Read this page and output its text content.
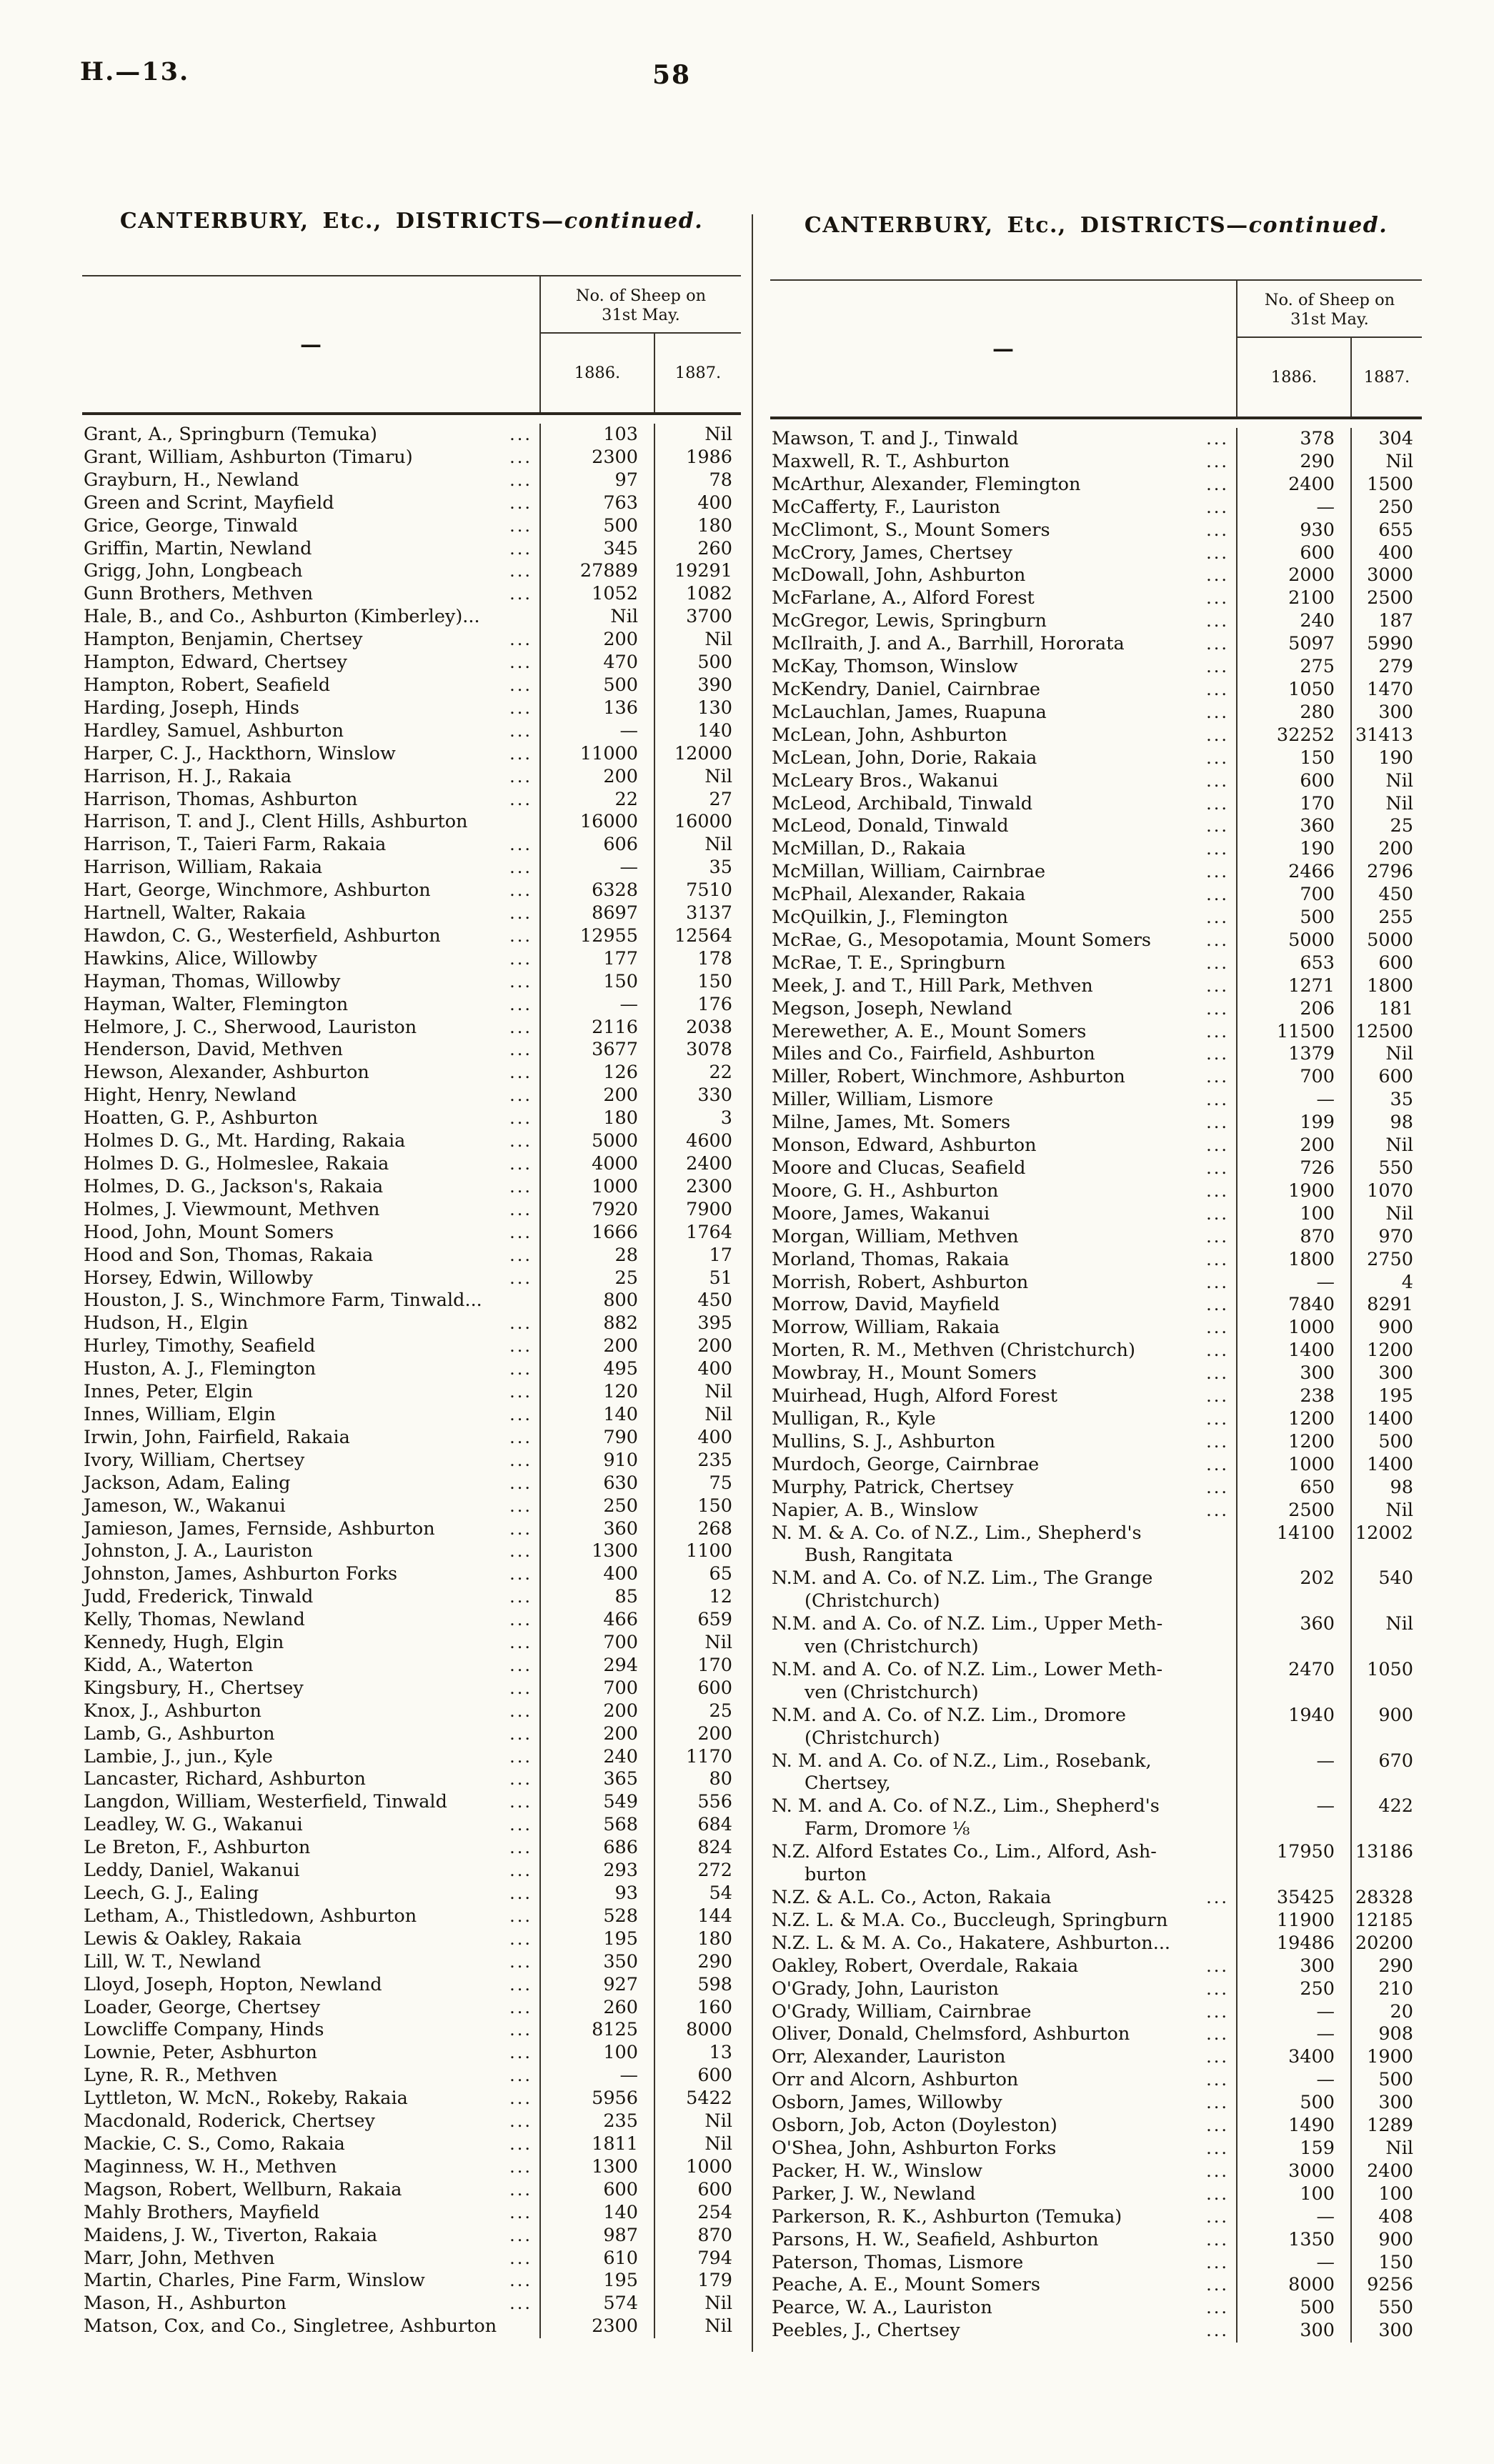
H.—13.	58
CANTERBURY, Etc., DISTRICTS—continued.
—
No. of Sheep on
31st May.
1886.	1887.
Grant, A., Springburn (Temuka)	...	103	Nil
Grant, William, Ashburton (Timaru)	...	2300	1986
Grayburn, H., Newland	...	97	78
Green and Scrint, Mayfield	...	763	400
Grice, George, Tinwald	...	500	180
Griffin, Martin, Newland	...	345	260
Grigg, John, Longbeach	...	27889	19291
Gunn Brothers, Methven	...	1052	1082
Hale, B., and Co., Ashburton (Kimberley)...	Nil	3700
Hampton, Benjamin, Chertsey	...	200	Nil
Hampton, Edward, Chertsey	...	470	500
Hampton, Robert, Seafield	...	500	390
Harding, Joseph, Hinds	...	136	130
Hardley, Samuel, Ashburton	...	—	140
Harper, C. J., Hackthorn, Winslow	...	11000	12000
Harrison, H. J., Rakaia	...	200	Nil
Harrison, Thomas, Ashburton	...	22	27
Harrison, T. and J., Clent Hills, Ashburton	16000	16000
Harrison, T., Taieri Farm, Rakaia	...	606	Nil
Harrison, William, Rakaia	...	—	35
Hart, George, Winchmore, Ashburton	...	6328	7510
Hartnell, Walter, Rakaia	...	8697	3137
Hawdon, C. G., Westerfield, Ashburton	...	12955	12564
Hawkins, Alice, Willowby	...	177	178
Hayman, Thomas, Willowby	...	150	150
Hayman, Walter, Flemington	...	—	176
Helmore, J. C., Sherwood, Lauriston	...	2116	2038
Henderson, David, Methven	...	3677	3078
Hewson, Alexander, Ashburton	...	126	22
Hight, Henry, Newland	...	200	330
Hoatten, G. P., Ashburton	...	180	3
Holmes D. G., Mt. Harding, Rakaia	...	5000	4600
Holmes D. G., Holmeslee, Rakaia	...	4000	2400
Holmes, D. G., Jackson's, Rakaia	...	1000	2300
Holmes, J. Viewmount, Methven	...	7920	7900
Hood, John, Mount Somers	...	1666	1764
Hood and Son, Thomas, Rakaia	...	28	17
Horsey, Edwin, Willowby	...	25	51
Houston, J. S., Winchmore Farm, Tinwald...	800	450
Hudson, H., Elgin	...	882	395
Hurley, Timothy, Seafield	...	200	200
Huston, A. J., Flemington	...	495	400
Innes, Peter, Elgin	...	120	Nil
Innes, William, Elgin	...	140	Nil
Irwin, John, Fairfield, Rakaia	...	790	400
Ivory, William, Chertsey	...	910	235
Jackson, Adam, Ealing	...	630	75
Jameson, W., Wakanui	...	250	150
Jamieson, James, Fernside, Ashburton	...	360	268
Johnston, J. A., Lauriston	...	1300	1100
Johnston, James, Ashburton Forks	...	400	65
Judd, Frederick, Tinwald	...	85	12
Kelly, Thomas, Newland	...	466	659
Kennedy, Hugh, Elgin	...	700	Nil
Kidd, A., Waterton	...	294	170
Kingsbury, H., Chertsey	...	700	600
Knox, J., Ashburton	...	200	25
Lamb, G., Ashburton	...	200	200
Lambie, J., jun., Kyle	...	240	1170
Lancaster, Richard, Ashburton	...	365	80
Langdon, William, Westerfield, Tinwald	...	549	556
Leadley, W. G., Wakanui	...	568	684
Le Breton, F., Ashburton	...	686	824
Leddy, Daniel, Wakanui	...	293	272
Leech, G. J., Ealing	...	93	54
Letham, A., Thistledown, Ashburton	...	528	144
Lewis & Oakley, Rakaia	...	195	180
Lill, W. T., Newland	...	350	290
Lloyd, Joseph, Hopton, Newland	...	927	598
Loader, George, Chertsey	...	260	160
Lowcliffe Company, Hinds	...	8125	8000
Lownie, Peter, Asbhurton	...	100	13
Lyne, R. R., Methven	...	—	600
Lyttleton, W. McN., Rokeby, Rakaia	...	5956	5422
Macdonald, Roderick, Chertsey	...	235	Nil
Mackie, C. S., Como, Rakaia	...	1811	Nil
Maginness, W. H., Methven	...	1300	1000
Magson, Robert, Wellburn, Rakaia	...	600	600
Mahly Brothers, Mayfield	...	140	254
Maidens, J. W., Tiverton, Rakaia	...	987	870
Marr, John, Methven	...	610	794
Martin, Charles, Pine Farm, Winslow	...	195	179
Mason, H., Ashburton	...	574	Nil
Matson, Cox, and Co., Singletree, Ashburton	2300	Nil
CANTERBURY, Etc., DISTRICTS—continued.
—
No. of Sheep on
31st May.
1886.	1887.
Mawson, T. and J., Tinwald	...	378	304
Maxwell, R. T., Ashburton	...	290	Nil
McArthur, Alexander, Flemington	...	2400	1500
McCafferty, F., Lauriston	...	—	250
McClimont, S., Mount Somers	...	930	655
McCrory, James, Chertsey	...	600	400
McDowall, John, Ashburton	...	2000	3000
McFarlane, A., Alford Forest	...	2100	2500
McGregor, Lewis, Springburn	...	240	187
McIlraith, J. and A., Barrhill, Hororata	...	5097	5990
McKay, Thomson, Winslow	...	275	279
McKendry, Daniel, Cairnbrae	...	1050	1470
McLauchlan, James, Ruapuna	...	280	300
McLean, John, Ashburton	...	32252	31413
McLean, John, Dorie, Rakaia	...	150	190
McLeary Bros., Wakanui	...	600	Nil
McLeod, Archibald, Tinwald	...	170	Nil
McLeod, Donald, Tinwald	...	360	25
McMillan, D., Rakaia	...	190	200
McMillan, William, Cairnbrae	...	2466	2796
McPhail, Alexander, Rakaia	...	700	450
McQuilkin, J., Flemington	...	500	255
McRae, G., Mesopotamia, Mount Somers	...	5000	5000
McRae, T. E., Springburn	...	653	600
Meek, J. and T., Hill Park, Methven	...	1271	1800
Megson, Joseph, Newland	...	206	181
Merewether, A. E., Mount Somers	...	11500	12500
Miles and Co., Fairfield, Ashburton	...	1379	Nil
Miller, Robert, Winchmore, Ashburton	...	700	600
Miller, William, Lismore	...	—	35
Milne, James, Mt. Somers	...	199	98
Monson, Edward, Ashburton	...	200	Nil
Moore and Clucas, Seafield	...	726	550
Moore, G. H., Ashburton	...	1900	1070
Moore, James, Wakanui	...	100	Nil
Morgan, William, Methven	...	870	970
Morland, Thomas, Rakaia	...	1800	2750
Morrish, Robert, Ashburton	...	—	4
Morrow, David, Mayfield	...	7840	8291
Morrow, William, Rakaia	...	1000	900
Morten, R. M., Methven (Christchurch)	...	1400	1200
Mowbray, H., Mount Somers	...	300	300
Muirhead, Hugh, Alford Forest	...	238	195
Mulligan, R., Kyle	...	1200	1400
Mullins, S. J., Ashburton	...	1200	500
Murdoch, George, Cairnbrae	...	1000	1400
Murphy, Patrick, Chertsey	...	650	98
Napier, A. B., Winslow	...	2500	Nil
N. M. & A. Co. of N.Z., Lim., Shepherd's
Bush, Rangitata
14100	12002
N.M. and A. Co. of N.Z. Lim., The Grange
(Christchurch)
202	540
N.M. and A. Co. of N.Z. Lim., Upper Meth-
ven (Christchurch)
360	Nil
N.M. and A. Co. of N.Z. Lim., Lower Meth-
ven (Christchurch)
2470	1050
N.M. and A. Co. of N.Z. Lim., Dromore
(Christchurch)
1940	900
N. M. and A. Co. of N.Z., Lim., Rosebank,
Chertsey,
—	670
N. M. and A. Co. of N.Z., Lim., Shepherd's
Farm, Dromore ⅛
—	422
N.Z. Alford Estates Co., Lim., Alford, Ash-
burton
17950	13186
N.Z. & A.L. Co., Acton, Rakaia	...	35425	28328
N.Z. L. & M.A. Co., Buccleugh, Springburn	11900	12185
N.Z. L. & M. A. Co., Hakatere, Ashburton...	19486	20200
Oakley, Robert, Overdale, Rakaia	...	300	290
O'Grady, John, Lauriston	...	250	210
O'Grady, William, Cairnbrae	...	—	20
Oliver, Donald, Chelmsford, Ashburton	...	—	908
Orr, Alexander, Lauriston	...	3400	1900
Orr and Alcorn, Ashburton	...	—	500
Osborn, James, Willowby	...	500	300
Osborn, Job, Acton (Doyleston)	...	1490	1289
O'Shea, John, Ashburton Forks	...	159	Nil
Packer, H. W., Winslow	...	3000	2400
Parker, J. W., Newland	...	100	100
Parkerson, R. K., Ashburton (Temuka)	...	—	408
Parsons, H. W., Seafield, Ashburton	...	1350	900
Paterson, Thomas, Lismore	...	—	150
Peache, A. E., Mount Somers	...	8000	9256
Pearce, W. A., Lauriston	...	500	550
Peebles, J., Chertsey	...	300	300
